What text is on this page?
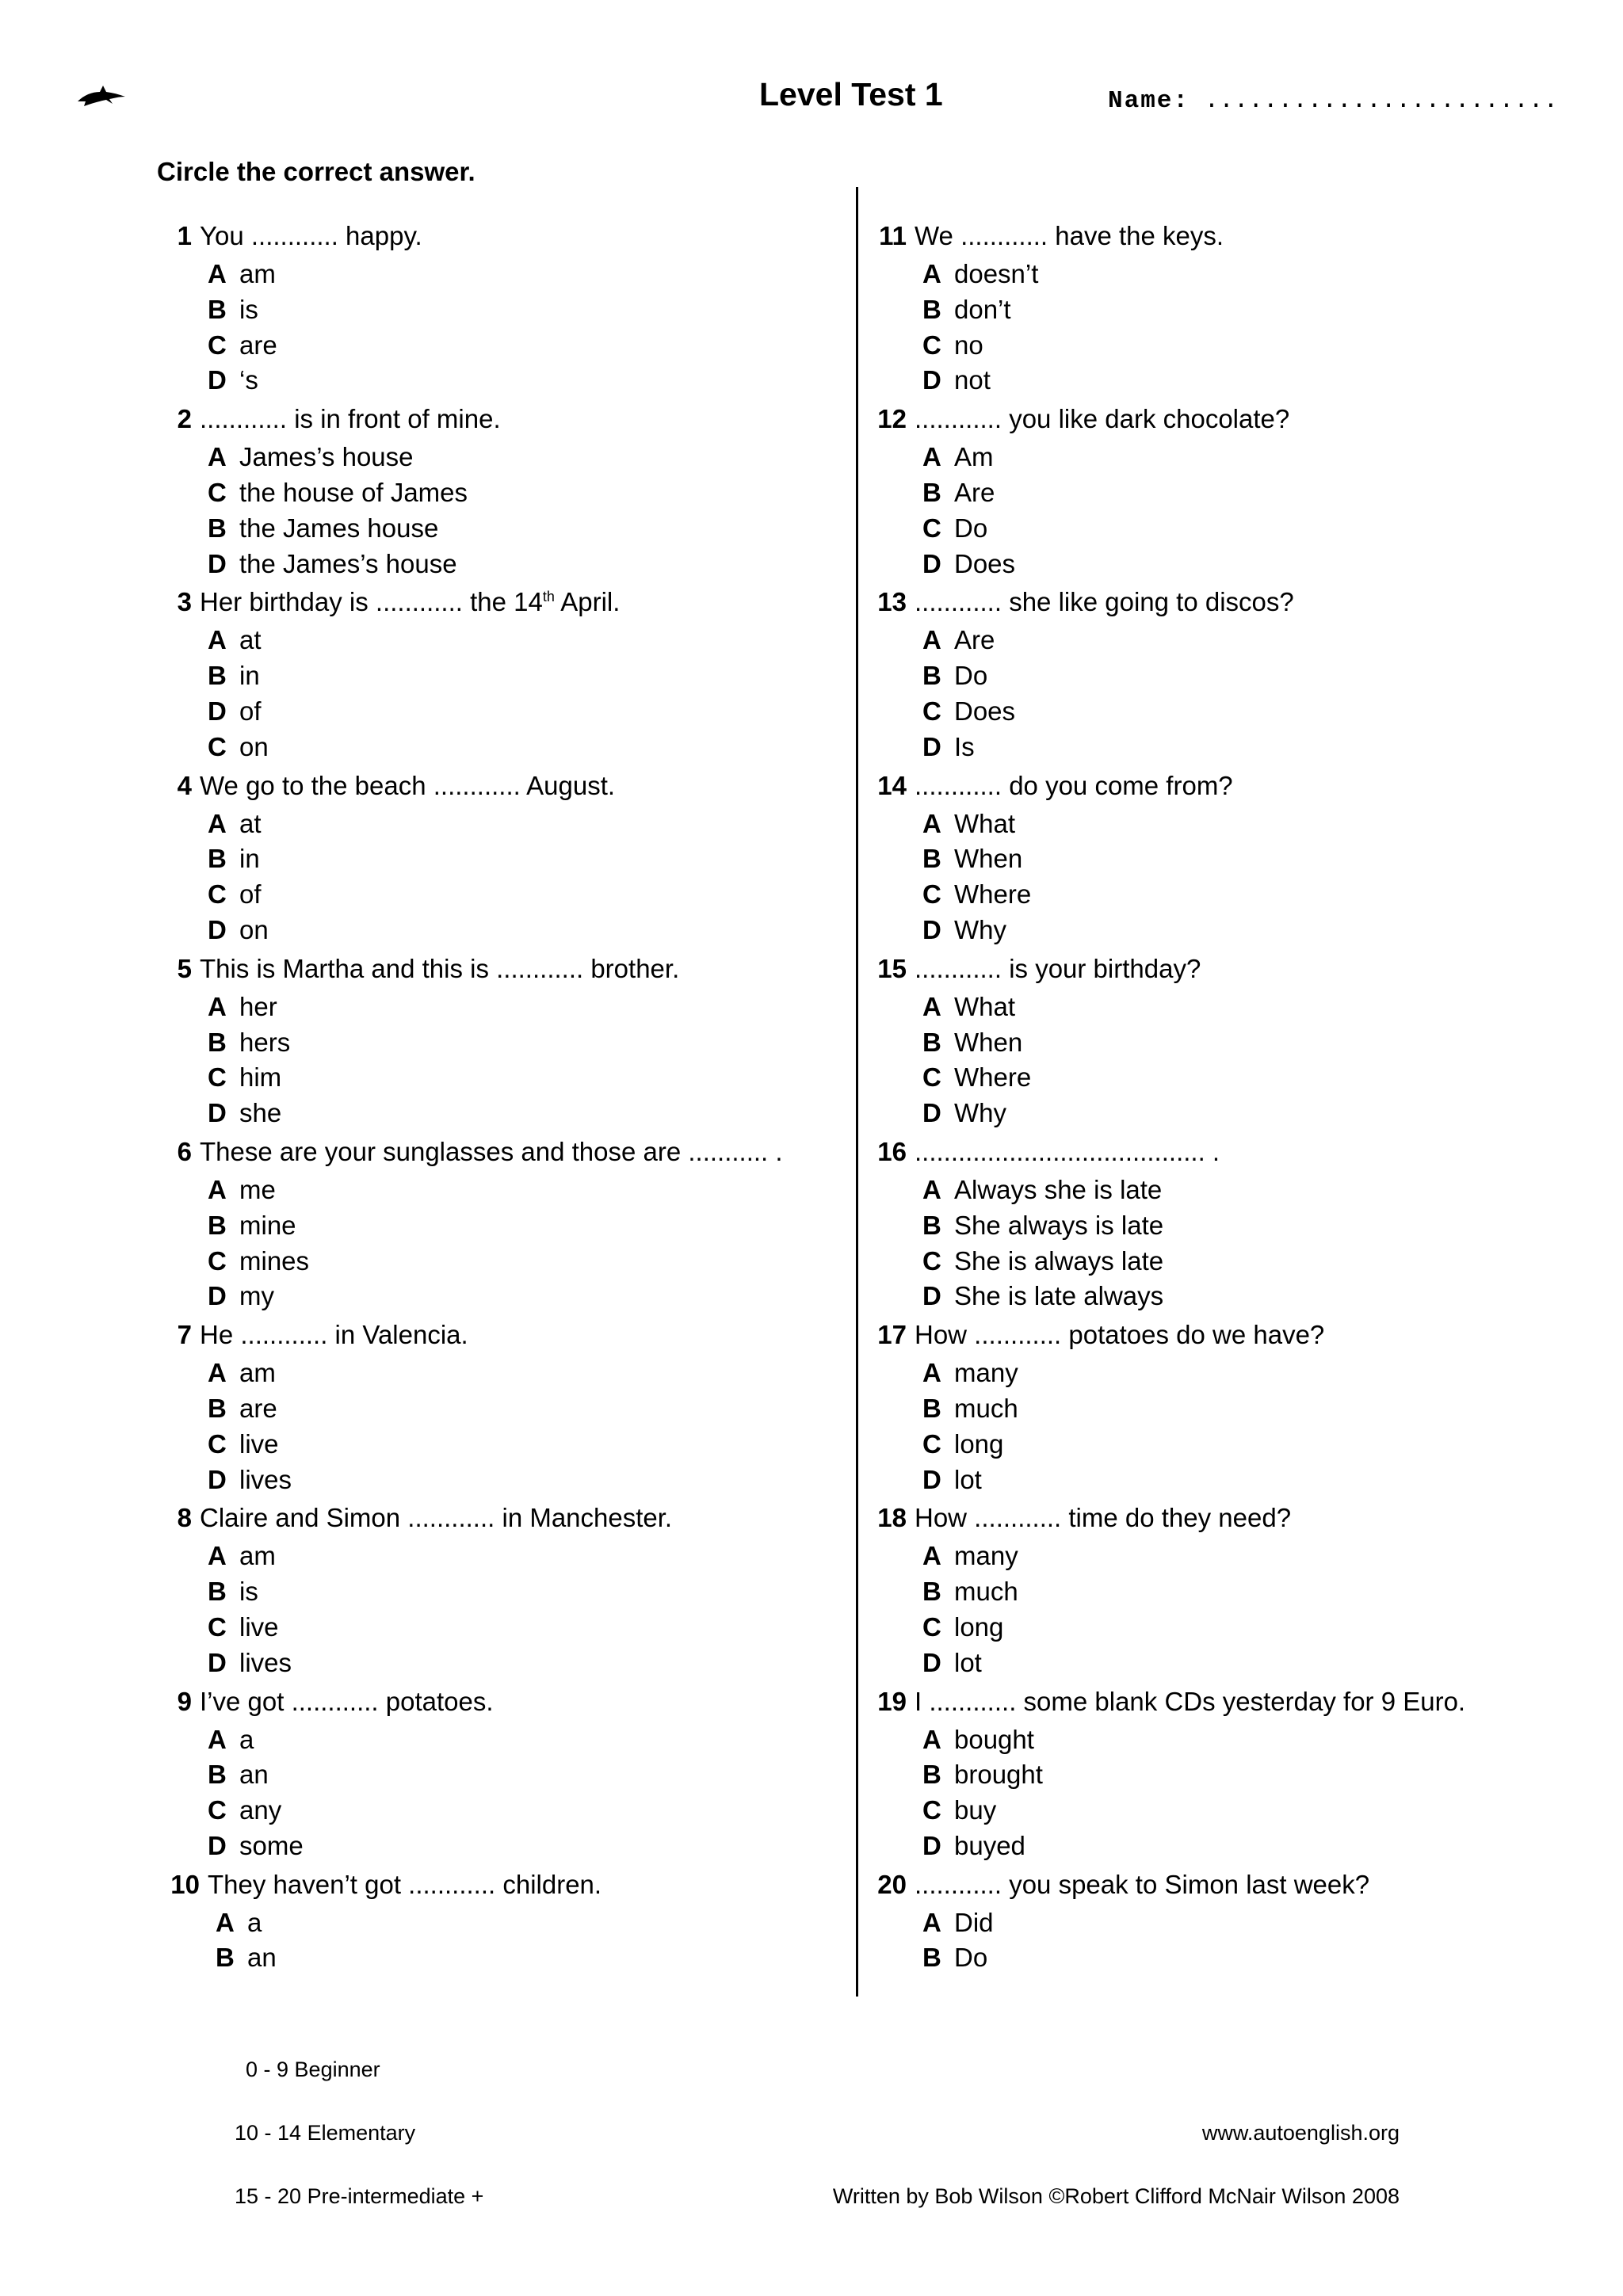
Level Test 1	Name: ........................
Circle the correct answer.
1 You ............ happy.
A am
B is
C are
D ‘s
2 ............ is in front of mine.
A James’s house
C the house of James
B the James house
D the James’s house
3 Her birthday is ............ the 14th April.
A at
B in
D of
C on
4 We go to the beach ............ August.
A at
B in
C of
D on
5 This is Martha and this is ............ brother.
A her
B hers
C him
D she
6 These are your sunglasses and those are ........... .
A me
B mine
C mines
D my
7 He ............ in Valencia.
A am
B are
C live
D lives
8 Claire and Simon ............ in Manchester.
A am
B is
C live
D lives
9 I’ve got ............ potatoes.
A a
B an
C any
D some
10 They haven’t got ............ children.
A a
B an
11 We ............ have the keys.
A doesn’t
B don’t
C no
D not
12 ............ you like dark chocolate?
A Am
B Are
C Do
D Does
13 ............ she like going to discos?
A Are
B Do
C Does
D Is
14 ............ do you come from?
A What
B When
C Where
D Why
15 ............ is your birthday?
A What
B When
C Where
D Why
16 ........................................ .
A Always she is late
B She always is late
C She is always late
D She is late always
17 How ............ potatoes do we have?
A many
B much
C long
D lot
18 How ............ time do they need?
A many
B much
C long
D lot
19 I ............ some blank CDs yesterday for 9 Euro.
A bought
B brought
C buy
D buyed
20 ............ you speak to Simon last week?
A Did
B Do
0 - 9 Beginner
10 - 14 Elementary
15 - 20 Pre-intermediate +
www.autoenglish.org
Written by Bob Wilson ©Robert Clifford McNair Wilson 2008
